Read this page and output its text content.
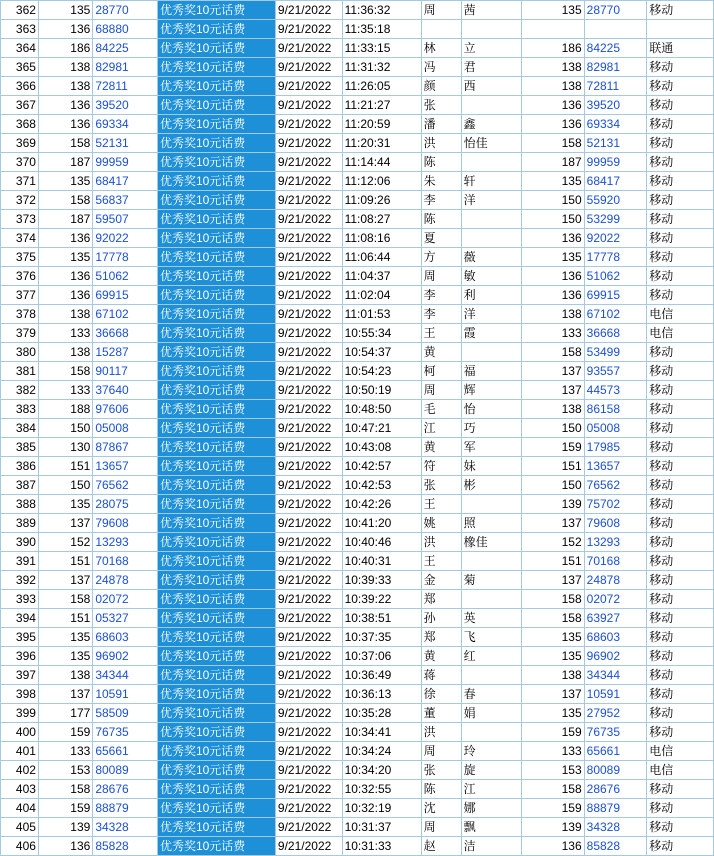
362	135	28770	优秀奖10元话费	9/21/2022	11:36:32	周	茜	135	28770	移动
363	136	68880	优秀奖10元话费	9/21/2022	11:35:18					
364	186	84225	优秀奖10元话费	9/21/2022	11:33:15	林	立	186	84225	联通
365	138	82981	优秀奖10元话费	9/21/2022	11:31:32	冯	君	138	82981	移动
366	138	72811	优秀奖10元话费	9/21/2022	11:26:05	颜	西	138	72811	移动
367	136	39520	优秀奖10元话费	9/21/2022	11:21:27	张		136	39520	移动
368	136	69334	优秀奖10元话费	9/21/2022	11:20:59	潘	鑫	136	69334	移动
369	158	52131	优秀奖10元话费	9/21/2022	11:20:31	洪	怡佳	158	52131	移动
370	187	99959	优秀奖10元话费	9/21/2022	11:14:44	陈		187	99959	移动
371	135	68417	优秀奖10元话费	9/21/2022	11:12:06	朱	轩	135	68417	移动
372	158	56837	优秀奖10元话费	9/21/2022	11:09:26	李	洋	150	55920	移动
373	187	59507	优秀奖10元话费	9/21/2022	11:08:27	陈		150	53299	移动
374	136	92022	优秀奖10元话费	9/21/2022	11:08:16	夏		136	92022	移动
375	135	17778	优秀奖10元话费	9/21/2022	11:06:44	方	薇	135	17778	移动
376	136	51062	优秀奖10元话费	9/21/2022	11:04:37	周	敏	136	51062	移动
377	136	69915	优秀奖10元话费	9/21/2022	11:02:04	李	利	136	69915	移动
378	138	67102	优秀奖10元话费	9/21/2022	11:01:53	李	洋	138	67102	电信
379	133	36668	优秀奖10元话费	9/21/2022	10:55:34	王	霞	133	36668	电信
380	138	15287	优秀奖10元话费	9/21/2022	10:54:37	黄		158	53499	移动
381	158	90117	优秀奖10元话费	9/21/2022	10:54:23	柯	福	137	93557	移动
382	133	37640	优秀奖10元话费	9/21/2022	10:50:19	周	辉	137	44573	移动
383	188	97606	优秀奖10元话费	9/21/2022	10:48:50	毛	怡	138	86158	移动
384	150	05008	优秀奖10元话费	9/21/2022	10:47:21	江	巧	150	05008	移动
385	130	87867	优秀奖10元话费	9/21/2022	10:43:08	黄	军	159	17985	移动
386	151	13657	优秀奖10元话费	9/21/2022	10:42:57	符	妹	151	13657	移动
387	150	76562	优秀奖10元话费	9/21/2022	10:42:53	张	彬	150	76562	移动
388	135	28075	优秀奖10元话费	9/21/2022	10:42:26	王		139	75702	移动
389	137	79608	优秀奖10元话费	9/21/2022	10:41:20	姚	照	137	79608	移动
390	152	13293	优秀奖10元话费	9/21/2022	10:40:46	洪	橡佳	152	13293	移动
391	151	70168	优秀奖10元话费	9/21/2022	10:40:31	王		151	70168	移动
392	137	24878	优秀奖10元话费	9/21/2022	10:39:33	金	菊	137	24878	移动
393	158	02072	优秀奖10元话费	9/21/2022	10:39:22	郑		158	02072	移动
394	151	05327	优秀奖10元话费	9/21/2022	10:38:51	孙	英	158	63927	移动
395	135	68603	优秀奖10元话费	9/21/2022	10:37:35	郑	飞	135	68603	移动
396	135	96902	优秀奖10元话费	9/21/2022	10:37:06	黄	红	135	96902	移动
397	138	34344	优秀奖10元话费	9/21/2022	10:36:49	蒋		138	34344	移动
398	137	10591	优秀奖10元话费	9/21/2022	10:36:13	徐	春	137	10591	移动
399	177	58509	优秀奖10元话费	9/21/2022	10:35:28	董	娟	135	27952	移动
400	159	76735	优秀奖10元话费	9/21/2022	10:34:41	洪		159	76735	移动
401	133	65661	优秀奖10元话费	9/21/2022	10:34:24	周	玲	133	65661	电信
402	153	80089	优秀奖10元话费	9/21/2022	10:34:20	张	旋	153	80089	电信
403	158	28676	优秀奖10元话费	9/21/2022	10:32:55	陈	江	158	28676	移动
404	159	88879	优秀奖10元话费	9/21/2022	10:32:19	沈	娜	159	88879	移动
405	139	34328	优秀奖10元话费	9/21/2022	10:31:37	周	飘	139	34328	移动
406	136	85828	优秀奖10元话费	9/21/2022	10:31:33	赵	洁	136	85828	移动
